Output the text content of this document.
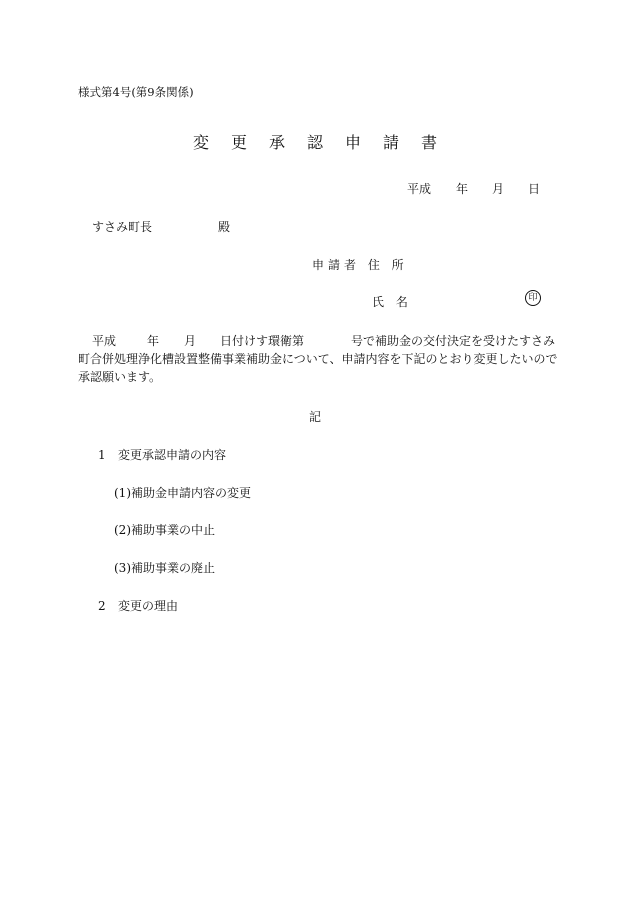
様式第4号(第9条関係)
変 更 承 認 申 請 書
平成 年 月 日
すさみ町長	殿
申請者 住 所
氏 名	印
平成	年 月 日付けす環衛第	号で補助金の交付決定を受けたすさみ
町合併処理浄化槽設置整備事業補助金について、申請内容を下記のとおり変更したいので
承認願います。
記
1 変更承認申請の内容
(1)補助金申請内容の変更
(2)補助事業の中止
(3)補助事業の廃止
2 変更の理由
